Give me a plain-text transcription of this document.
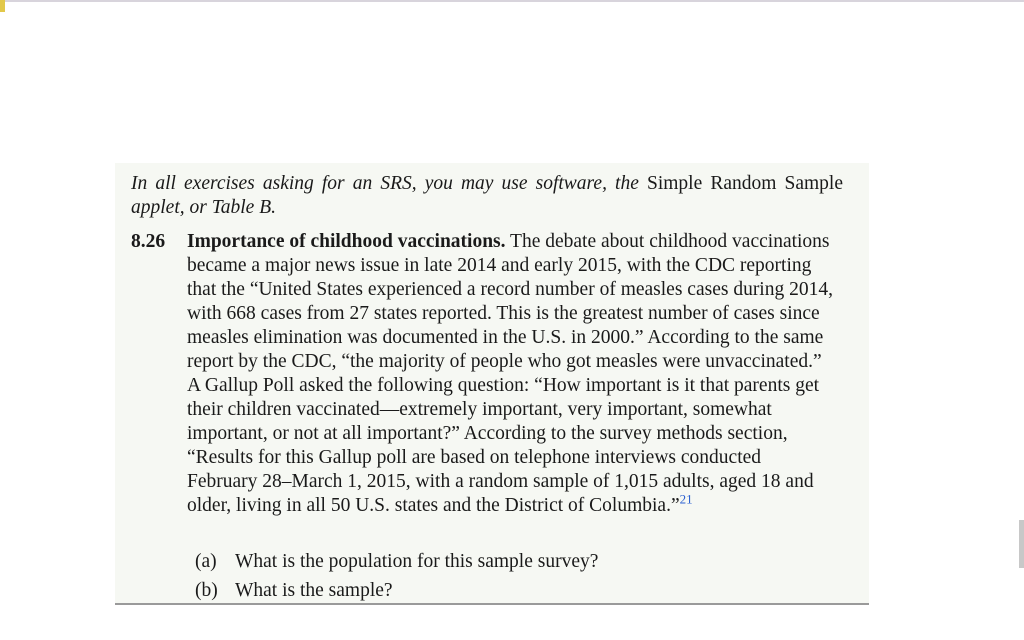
In all exercises asking for an SRS, you may use software, the Simple Random Sample applet, or Table B.
8.26 Importance of childhood vaccinations. The debate about childhood vaccinations became a major news issue in late 2014 and early 2015, with the CDC reporting that the “United States experienced a record number of measles cases during 2014, with 668 cases from 27 states reported. This is the greatest number of cases since measles elimination was documented in the U.S. in 2000.” According to the same report by the CDC, “the majority of people who got measles were unvaccinated.” A Gallup Poll asked the following question: “How important is it that parents get their children vaccinated—extremely important, very important, somewhat important, or not at all important?” According to the survey methods section, “Results for this Gallup poll are based on telephone interviews conducted February 28–March 1, 2015, with a random sample of 1,015 adults, aged 18 and older, living in all 50 U.S. states and the District of Columbia.”$^{21}$
(a) What is the population for this sample survey?
(b) What is the sample?
